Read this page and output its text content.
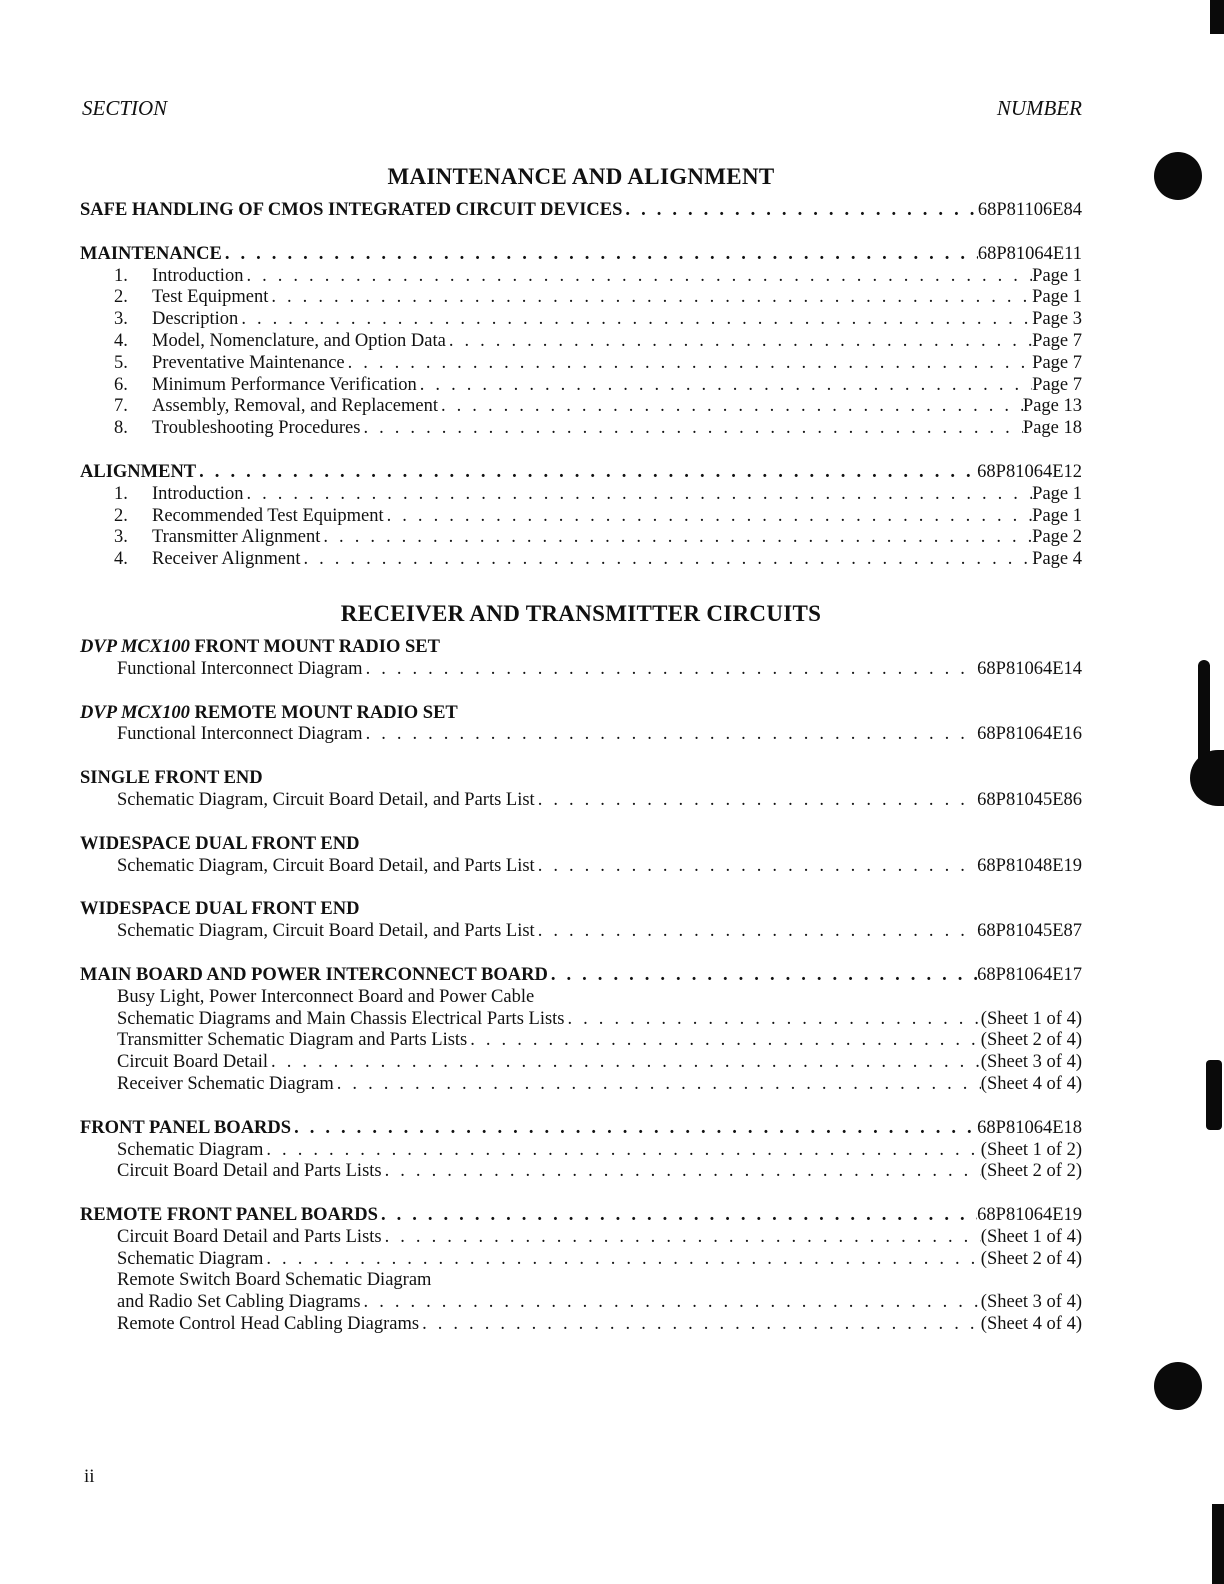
SECTION	NUMBER
MAINTENANCE AND ALIGNMENT
SAFE HANDLING OF CMOS INTEGRATED CIRCUIT DEVICES . . .	68P81106E84
MAINTENANCE . . .	68P81064E11
1. Introduction . . .	Page 1
2. Test Equipment . . .	Page 1
3. Description . . .	Page 3
4. Model, Nomenclature, and Option Data . . .	Page 7
5. Preventative Maintenance . . .	Page 7
6. Minimum Performance Verification . . .	Page 7
7. Assembly, Removal, and Replacement . . .	Page 13
8. Troubleshooting Procedures . . .	Page 18
ALIGNMENT . . .	68P81064E12
1. Introduction . . .	Page 1
2. Recommended Test Equipment . . .	Page 1
3. Transmitter Alignment . . .	Page 2
4. Receiver Alignment . . .	Page 4
RECEIVER AND TRANSMITTER CIRCUITS
DVP MCX100 FRONT MOUNT RADIO SET
Functional Interconnect Diagram . . .	68P81064E14
DVP MCX100 REMOTE MOUNT RADIO SET
Functional Interconnect Diagram . . .	68P81064E16
SINGLE FRONT END
Schematic Diagram, Circuit Board Detail, and Parts List . . .	68P81045E86
WIDESPACE DUAL FRONT END
Schematic Diagram, Circuit Board Detail, and Parts List . . .	68P81048E19
WIDESPACE DUAL FRONT END
Schematic Diagram, Circuit Board Detail, and Parts List . . .	68P81045E87
MAIN BOARD AND POWER INTERCONNECT BOARD . . .	68P81064E17
Busy Light, Power Interconnect Board and Power Cable
Schematic Diagrams and Main Chassis Electrical Parts Lists . . .	(Sheet 1 of 4)
Transmitter Schematic Diagram and Parts Lists . . .	(Sheet 2 of 4)
Circuit Board Detail . . .	(Sheet 3 of 4)
Receiver Schematic Diagram . . .	(Sheet 4 of 4)
FRONT PANEL BOARDS . . .	68P81064E18
Schematic Diagram . . .	(Sheet 1 of 2)
Circuit Board Detail and Parts Lists . . .	(Sheet 2 of 2)
REMOTE FRONT PANEL BOARDS . . .	68P81064E19
Circuit Board Detail and Parts Lists . . .	(Sheet 1 of 4)
Schematic Diagram . . .	(Sheet 2 of 4)
Remote Switch Board Schematic Diagram
and Radio Set Cabling Diagrams . . .	(Sheet 3 of 4)
Remote Control Head Cabling Diagrams . . .	(Sheet 4 of 4)
ii
